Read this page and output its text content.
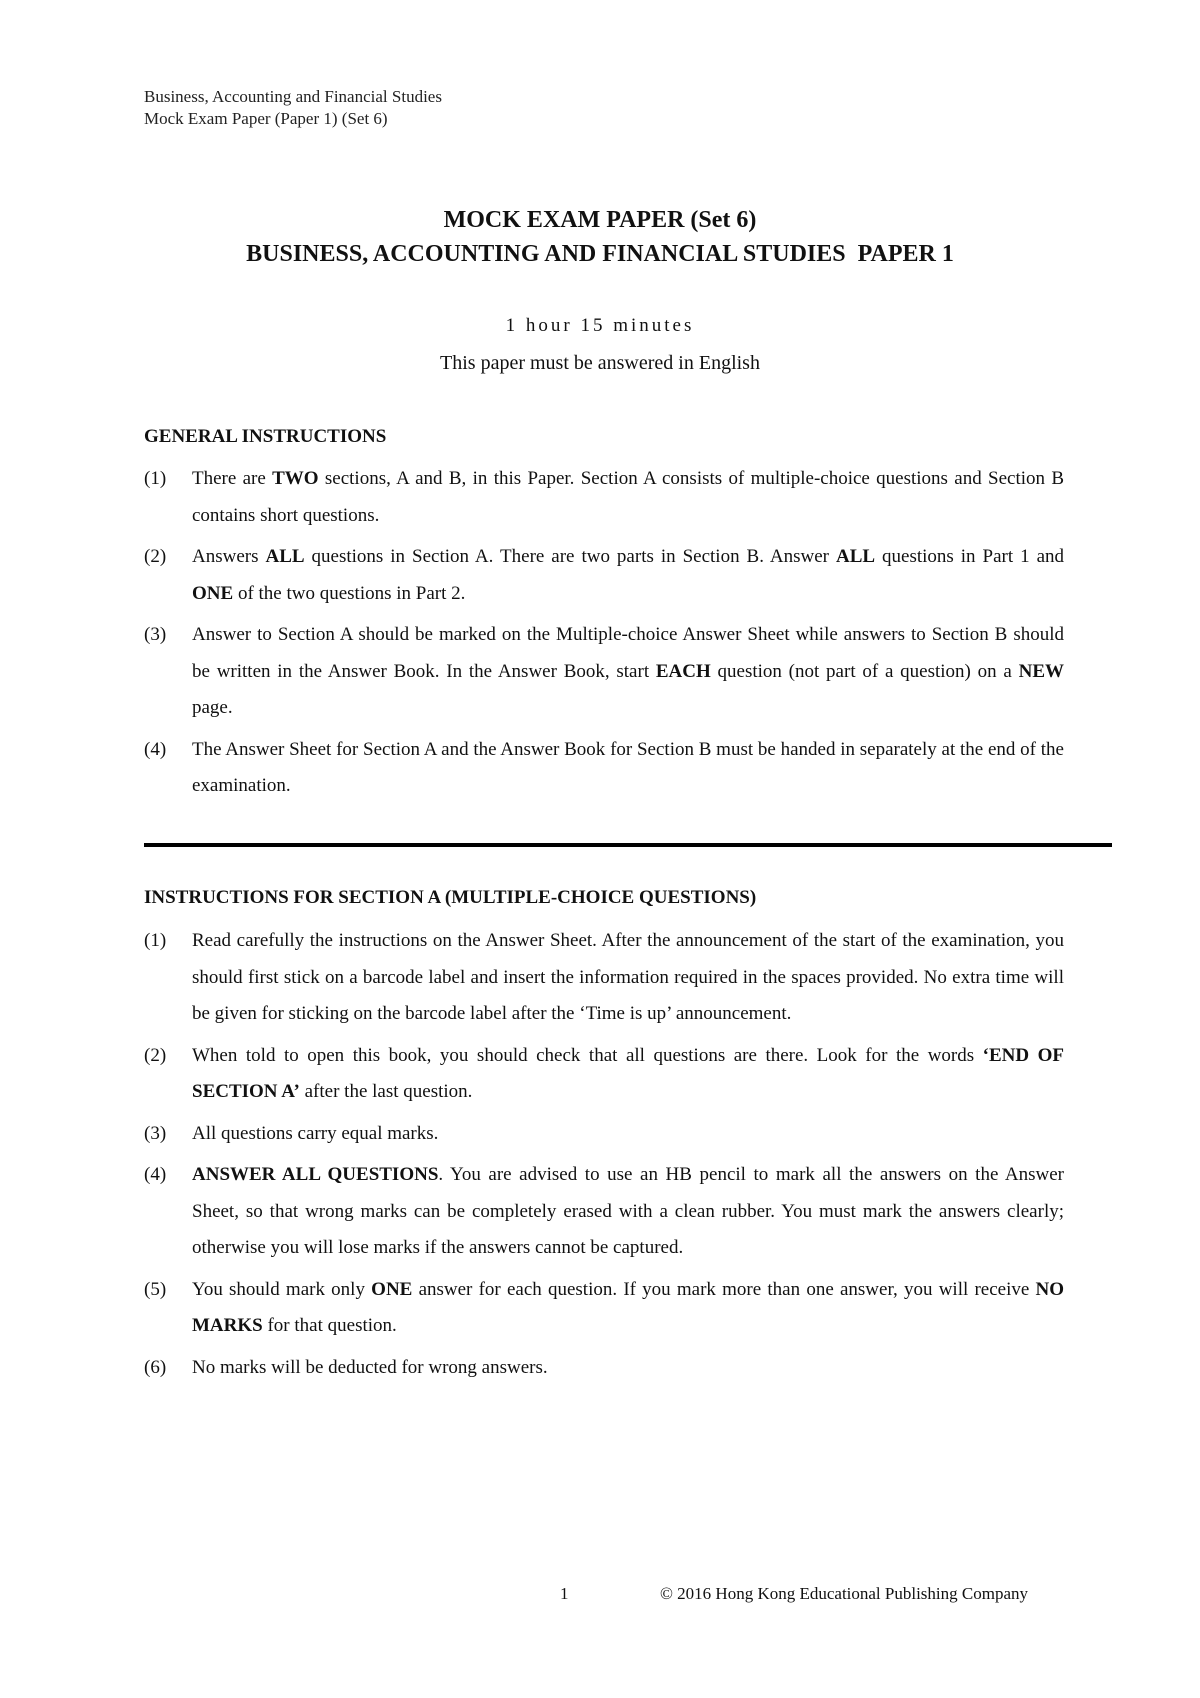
Business, Accounting and Financial Studies
Mock Exam Paper (Paper 1) (Set 6)
MOCK EXAM PAPER (Set 6)
BUSINESS, ACCOUNTING AND FINANCIAL STUDIES  PAPER 1
1 hour 15 minutes
This paper must be answered in English
GENERAL INSTRUCTIONS
(1)	There are TWO sections, A and B, in this Paper. Section A consists of multiple-choice questions and Section B contains short questions.
(2)	Answers ALL questions in Section A. There are two parts in Section B. Answer ALL questions in Part 1 and ONE of the two questions in Part 2.
(3)	Answer to Section A should be marked on the Multiple-choice Answer Sheet while answers to Section B should be written in the Answer Book. In the Answer Book, start EACH question (not part of a question) on a NEW page.
(4)	The Answer Sheet for Section A and the Answer Book for Section B must be handed in separately at the end of the examination.
INSTRUCTIONS FOR SECTION A (MULTIPLE-CHOICE QUESTIONS)
(1)	Read carefully the instructions on the Answer Sheet. After the announcement of the start of the examination, you should first stick on a barcode label and insert the information required in the spaces provided. No extra time will be given for sticking on the barcode label after the ‘Time is up’ announcement.
(2)	When told to open this book, you should check that all questions are there. Look for the words ‘END OF SECTION A’ after the last question.
(3)	All questions carry equal marks.
(4)	ANSWER ALL QUESTIONS. You are advised to use an HB pencil to mark all the answers on the Answer Sheet, so that wrong marks can be completely erased with a clean rubber. You must mark the answers clearly; otherwise you will lose marks if the answers cannot be captured.
(5)	You should mark only ONE answer for each question. If you mark more than one answer, you will receive NO MARKS for that question.
(6)	No marks will be deducted for wrong answers.
1	© 2016 Hong Kong Educational Publishing Company
